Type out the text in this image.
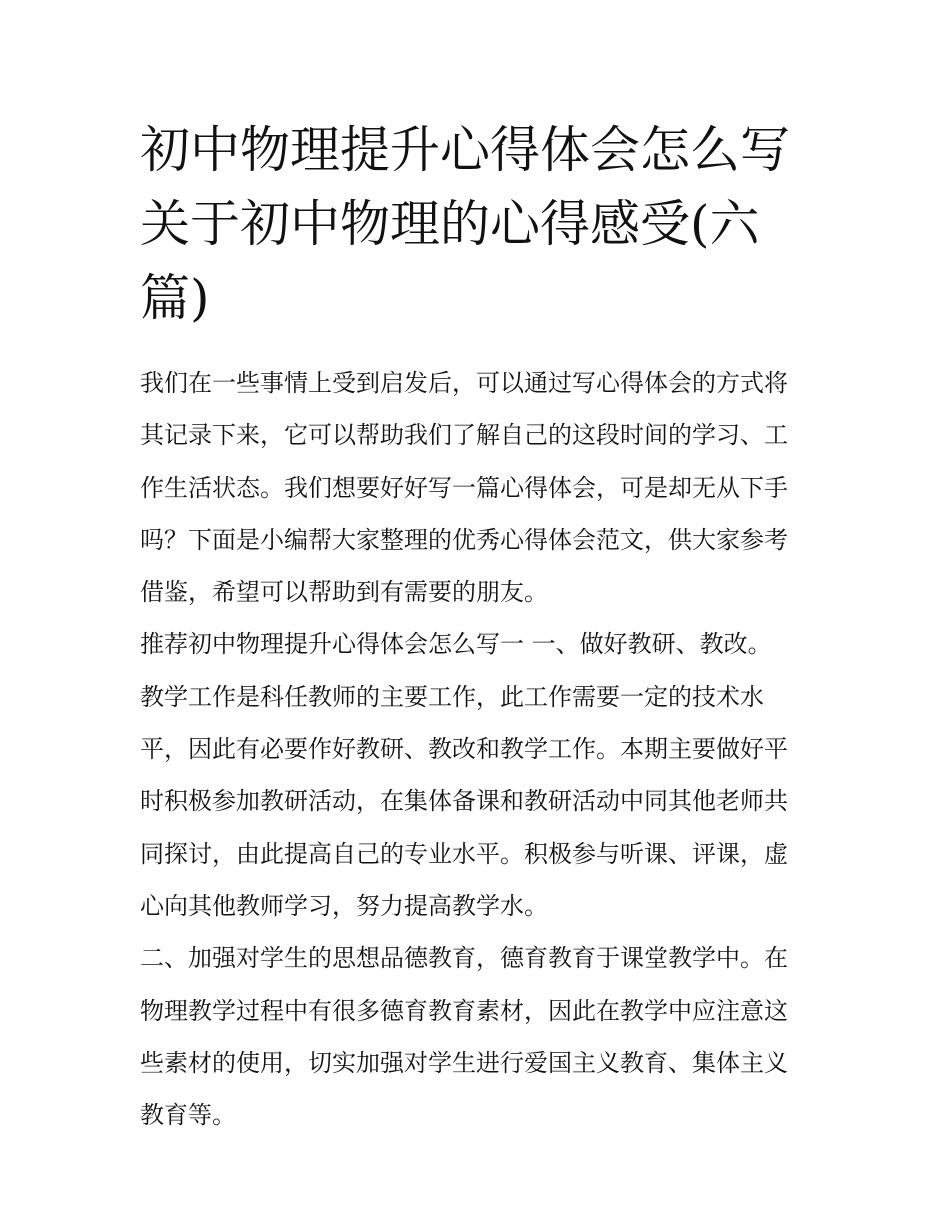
初中物理提升心得体会怎么写
关于初中物理的心得感受(六
篇)
我们在一些事情上受到启发后，可以通过写心得体会的方式将
其记录下来，它可以帮助我们了解自己的这段时间的学习、工
作生活状态。我们想要好好写一篇心得体会，可是却无从下手
吗？下面是小编帮大家整理的优秀心得体会范文，供大家参考
借鉴，希望可以帮助到有需要的朋友。
推荐初中物理提升心得体会怎么写一 一、做好教研、教改。
教学工作是科任教师的主要工作，此工作需要一定的技术水
平，因此有必要作好教研、教改和教学工作。本期主要做好平
时积极参加教研活动，在集体备课和教研活动中同其他老师共
同探讨，由此提高自己的专业水平。积极参与听课、评课，虚
心向其他教师学习，努力提高教学水。
二、加强对学生的思想品德教育，德育教育于课堂教学中。在
物理教学过程中有很多德育教育素材，因此在教学中应注意这
些素材的使用，切实加强对学生进行爱国主义教育、集体主义
教育等。
